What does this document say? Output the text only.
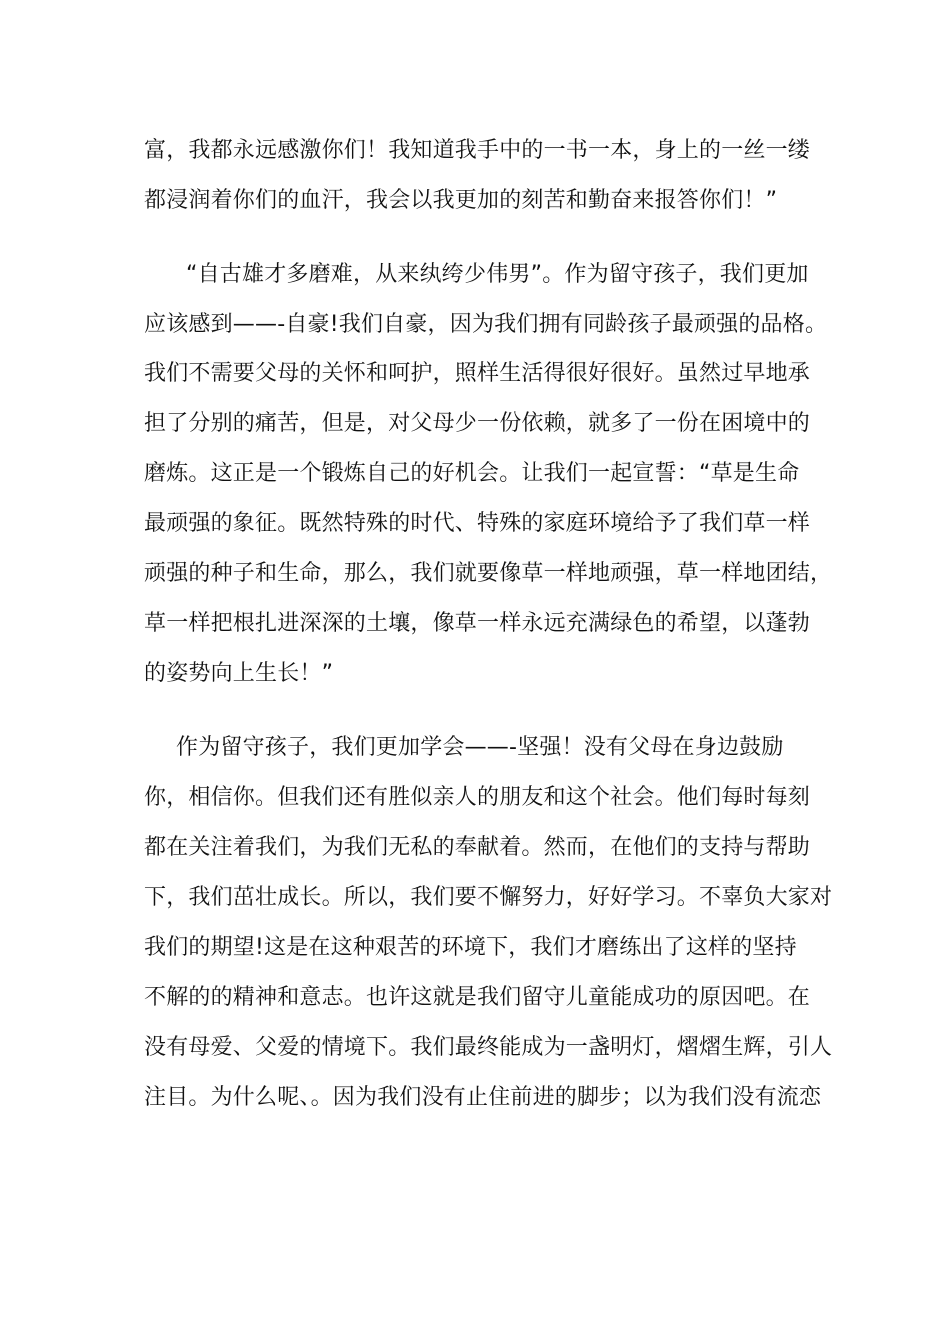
富，我都永远感激你们！我知道我手中的一书一本，身上的一丝一缕
都浸润着你们的血汗，我会以我更加的刻苦和勤奋来报答你们！”
“自古雄才多磨难，从来纨绔少伟男”。作为留守孩子，我们更加
应该感到——-自豪!我们自豪，因为我们拥有同龄孩子最顽强的品格。
我们不需要父母的关怀和呵护，照样生活得很好很好。虽然过早地承
担了分别的痛苦，但是，对父母少一份依赖，就多了一份在困境中的
磨炼。这正是一个锻炼自己的好机会。让我们一起宣誓：“草是生命
最顽强的象征。既然特殊的时代、特殊的家庭环境给予了我们草一样
顽强的种子和生命，那么，我们就要像草一样地顽强，草一样地团结，
草一样把根扎进深深的土壤，像草一样永远充满绿色的希望，以蓬勃
的姿势向上生长！”
作为留守孩子，我们更加学会——-坚强！没有父母在身边鼓励
你，相信你。但我们还有胜似亲人的朋友和这个社会。他们每时每刻
都在关注着我们，为我们无私的奉献着。然而，在他们的支持与帮助
下，我们茁壮成长。所以，我们要不懈努力，好好学习。不辜负大家对
我们的期望!这是在这种艰苦的环境下，我们才磨练出了这样的坚持
不解的的精神和意志。也许这就是我们留守儿童能成功的原因吧。在
没有母爱、父爱的情境下。我们最终能成为一盏明灯，熠熠生辉，引人
注目。为什么呢、。因为我们没有止住前进的脚步；以为我们没有流恋
